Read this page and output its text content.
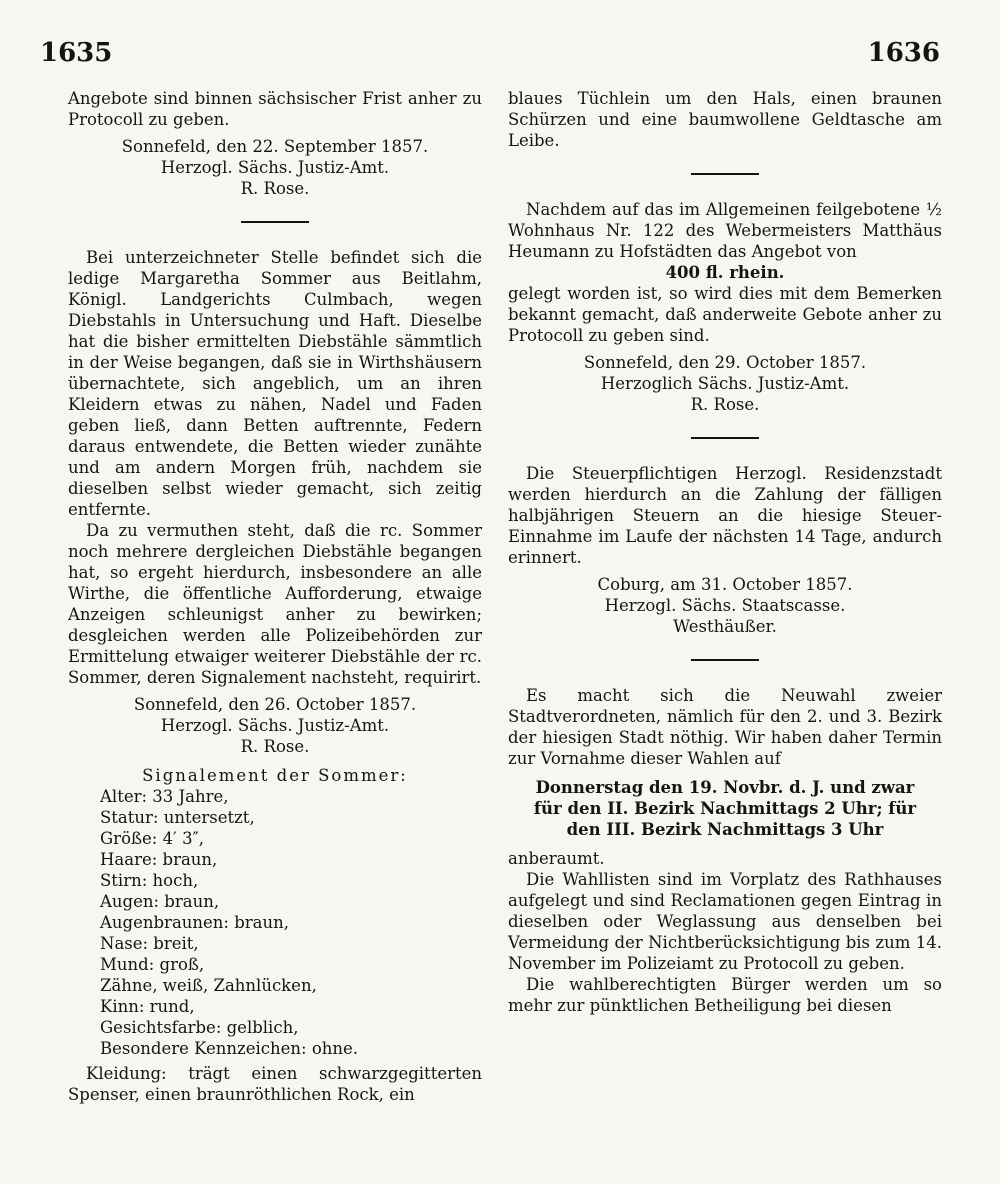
1635	1636

Angebote sind binnen sächsischer Frist anher zu Protocoll zu geben.

Sonnefeld, den 22. September 1857.

Herzogl. Sächs. Justiz-Amt.

R. Rose.

Bei unterzeichneter Stelle befindet sich die ledige Margaretha Sommer aus Beitlahm, Königl. Landgerichts Culmbach, wegen Diebstahls in Untersuchung und Haft. Dieselbe hat die bisher ermittelten Diebstähle sämmtlich in der Weise begangen, daß sie in Wirthshäusern übernachtete, sich angeblich, um an ihren Kleidern etwas zu nähen, Nadel und Faden geben ließ, dann Betten auftrennte, Federn daraus entwendete, die Betten wieder zunähte und am andern Morgen früh, nachdem sie dieselben selbst wieder gemacht, sich zeitig entfernte.

Da zu vermuthen steht, daß die rc. Sommer noch mehrere dergleichen Diebstähle begangen hat, so ergeht hierdurch, insbesondere an alle Wirthe, die öffentliche Aufforderung, etwaige Anzeigen schleunigst anher zu bewirken; desgleichen werden alle Polizeibehörden zur Ermittelung etwaiger weiterer Diebstähle der rc. Sommer, deren Signalement nachsteht, requirirt.

Sonnefeld, den 26. October 1857.

Herzogl. Sächs. Justiz-Amt.

R. Rose.

Signalement der Sommer:

Alter: 33 Jahre,

Statur: untersetzt,

Größe: 4′ 3″,

Haare: braun,

Stirn: hoch,

Augen: braun,

Augenbraunen: braun,

Nase: breit,

Mund: groß,

Zähne, weiß, Zahnlücken,

Kinn: rund,

Gesichtsfarbe: gelblich,

Besondere Kennzeichen: ohne.

Kleidung: trägt einen schwarzgegitterten Spenser, einen braunröthlichen Rock, ein

blaues Tüchlein um den Hals, einen braunen Schürzen und eine baumwollene Geldtasche am Leibe.

Nachdem auf das im Allgemeinen feilgebotene ½ Wohnhaus Nr. 122 des Webermeisters Matthäus Heumann zu Hofstädten das Angebot von

400 fl. rhein.

gelegt worden ist, so wird dies mit dem Bemerken bekannt gemacht, daß anderweite Gebote anher zu Protocoll zu geben sind.

Sonnefeld, den 29. October 1857.

Herzoglich Sächs. Justiz-Amt.

R. Rose.

Die Steuerpflichtigen Herzogl. Residenzstadt werden hierdurch an die Zahlung der fälligen halbjährigen Steuern an die hiesige Steuer-Einnahme im Laufe der nächsten 14 Tage, andurch erinnert.

Coburg, am 31. October 1857.

Herzogl. Sächs. Staatscasse.

Westhäußer.

Es macht sich die Neuwahl zweier Stadtverordneten, nämlich für den 2. und 3. Bezirk der hiesigen Stadt nöthig. Wir haben daher Termin zur Vornahme dieser Wahlen auf

Donnerstag den 19. Novbr. d. J. und zwar

für den II. Bezirk Nachmittags 2 Uhr; für

den III. Bezirk Nachmittags 3 Uhr

anberaumt.

Die Wahllisten sind im Vorplatz des Rathhauses aufgelegt und sind Reclamationen gegen Eintrag in dieselben oder Weglassung aus denselben bei Vermeidung der Nichtberücksichtigung bis zum 14. November im Polizeiamt zu Protocoll zu geben.

Die wahlberechtigten Bürger werden um so mehr zur pünktlichen Betheiligung bei diesen
